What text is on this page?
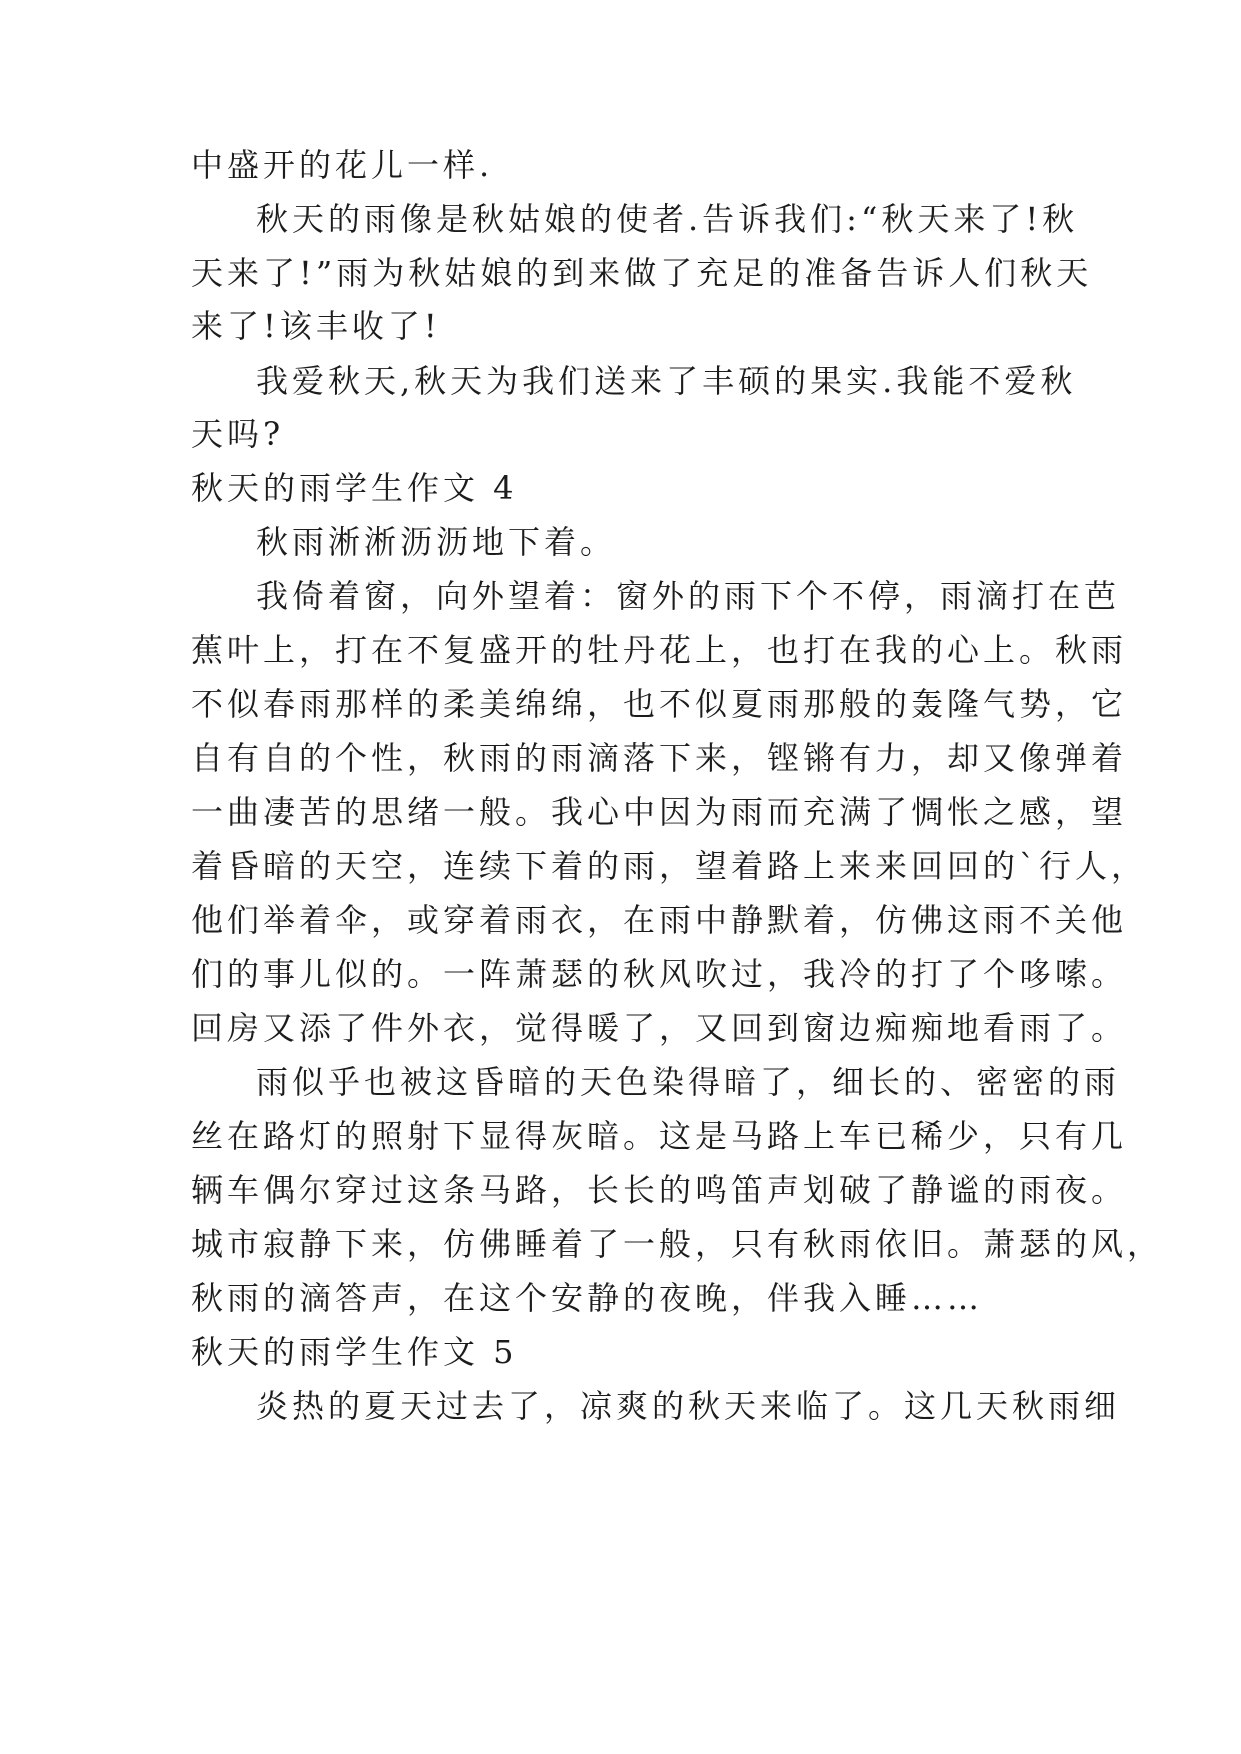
中盛开的花儿一样.

秋天的雨像是秋姑娘的使者.告诉我们:“秋天来了!秋

天来了!”雨为秋姑娘的到来做了充足的准备告诉人们秋天

来了!该丰收了!

我爱秋天,秋天为我们送来了丰硕的果实.我能不爱秋

天吗?

秋天的雨学生作文 4

秋雨淅淅沥沥地下着。

我倚着窗，向外望着：窗外的雨下个不停，雨滴打在芭

蕉叶上，打在不复盛开的牡丹花上，也打在我的心上。秋雨

不似春雨那样的柔美绵绵，也不似夏雨那般的轰隆气势，它

自有自的个性，秋雨的雨滴落下来，铿锵有力，却又像弹着

一曲凄苦的思绪一般。我心中因为雨而充满了惆怅之感，望

着昏暗的天空，连续下着的雨，望着路上来来回回的`行人，

他们举着伞，或穿着雨衣，在雨中静默着，仿佛这雨不关他

们的事儿似的。一阵萧瑟的秋风吹过，我冷的打了个哆嗦。

回房又添了件外衣，觉得暖了，又回到窗边痴痴地看雨了。

雨似乎也被这昏暗的天色染得暗了，细长的、密密的雨

丝在路灯的照射下显得灰暗。这是马路上车已稀少，只有几

辆车偶尔穿过这条马路，长长的鸣笛声划破了静谧的雨夜。

城市寂静下来，仿佛睡着了一般，只有秋雨依旧。萧瑟的风，

秋雨的滴答声，在这个安静的夜晚，伴我入睡……

秋天的雨学生作文 5

炎热的夏天过去了，凉爽的秋天来临了。这几天秋雨细
